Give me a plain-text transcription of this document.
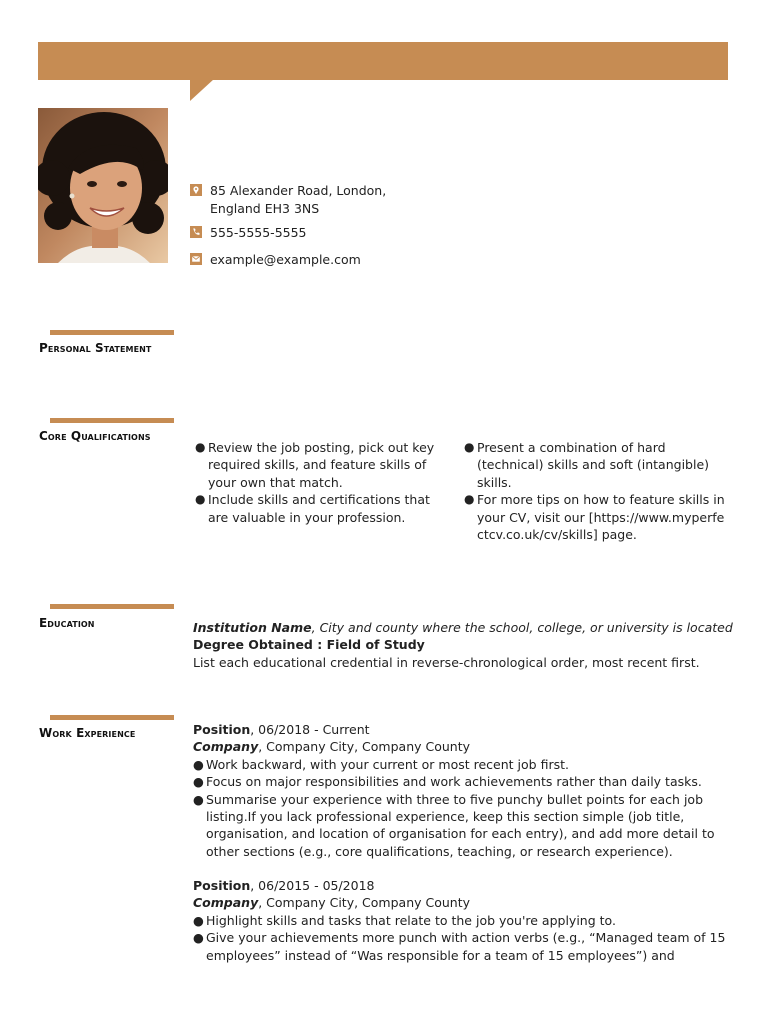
85 Alexander Road, London,
England EH3 3NS
555-5555-5555
example@example.com
Personal Statement
Core Qualifications
● Review the job posting, pick out key required skills, and feature skills of your own that match.
● Include skills and certifications that are valuable in your profession.
● Present a combination of hard (technical) skills and soft (intangible) skills.
● For more tips on how to feature skills in your CV, visit our [https://www.myperfectcv.co.uk/cv/skills] page.
Education	Institution Name, City and county where the school, college, or university is located
Degree Obtained : Field of Study
List each educational credential in reverse-chronological order, most recent first.
Work Experience	Position, 06/2018 - Current
Company, Company City, Company County
● Work backward, with your current or most recent job first.
● Focus on major responsibilities and work achievements rather than daily tasks.
● Summarise your experience with three to five punchy bullet points for each job listing.If you lack professional experience, keep this section simple (job title, organisation, and location of organisation for each entry), and add more detail to other sections (e.g., core qualifications, teaching, or research experience).
Position, 06/2015 - 05/2018
Company, Company City, Company County
● Highlight skills and tasks that relate to the job you're applying to.
● Give your achievements more punch with action verbs (e.g., “Managed team of 15 employees” instead of “Was responsible for a team of 15 employees”) and
